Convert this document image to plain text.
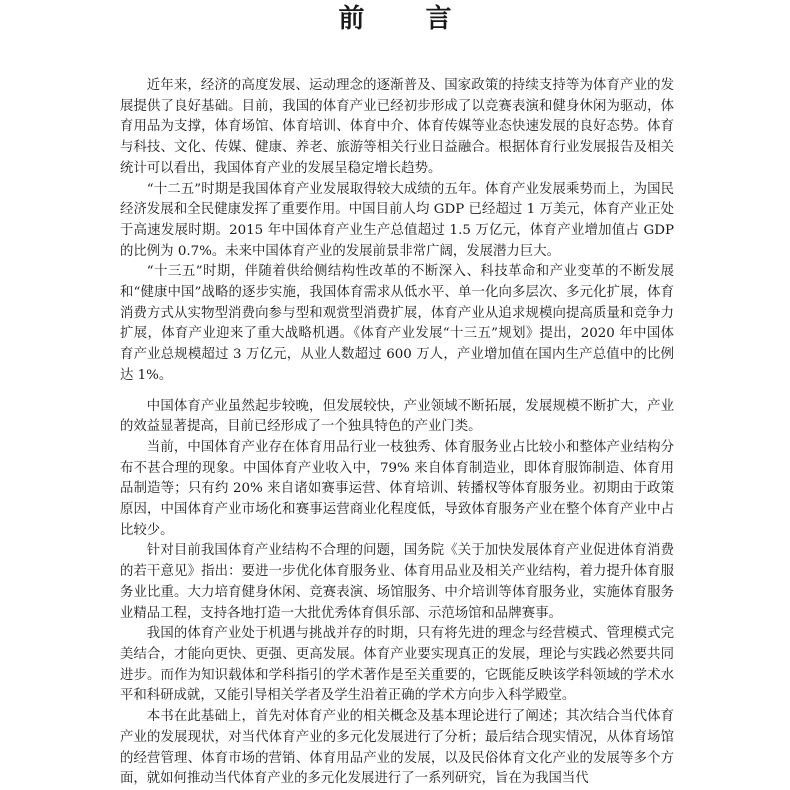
前 言

近年来，经济的高度发展、运动理念的逐渐普及、国家政策的持续支持等为体育产业的发展提供了良好基础。目前，我国的体育产业已经初步形成了以竞赛表演和健身休闲为驱动，体育用品为支撑，体育场馆、体育培训、体育中介、体育传媒等业态快速发展的良好态势。体育与科技、文化、传媒、健康、养老、旅游等相关行业日益融合。根据体育行业发展报告及相关统计可以看出，我国体育产业的发展呈稳定增长趋势。

“十二五”时期是我国体育产业发展取得较大成绩的五年。体育产业发展乘势而上，为国民经济发展和全民健康发挥了重要作用。中国目前人均 GDP 已经超过 1 万美元，体育产业正处于高速发展时期。2015 年中国体育产业生产总值超过 1.5 万亿元，体育产业增加值占 GDP 的比例为 0.7%。未来中国体育产业的发展前景非常广阔，发展潜力巨大。

“十三五”时期，伴随着供给侧结构性改革的不断深入、科技革命和产业变革的不断发展和“健康中国”战略的逐步实施，我国体育需求从低水平、单一化向多层次、多元化扩展，体育消费方式从实物型消费向参与型和观赏型消费扩展，体育产业从追求规模向提高质量和竞争力扩展，体育产业迎来了重大战略机遇。《体育产业发展“十三五”规划》提出，2020 年中国体育产业总规模超过 3 万亿元，从业人数超过 600 万人，产业增加值在国内生产总值中的比例达 1%。

中国体育产业虽然起步较晚，但发展较快，产业领域不断拓展，发展规模不断扩大，产业的效益显著提高，目前已经形成了一个独具特色的产业门类。

当前，中国体育产业存在体育用品行业一枝独秀、体育服务业占比较小和整体产业结构分布不甚合理的现象。中国体育产业收入中，79% 来自体育制造业，即体育服饰制造、体育用品制造等；只有约 20% 来自诸如赛事运营、体育培训、转播权等体育服务业。初期由于政策原因，中国体育产业市场化和赛事运营商业化程度低，导致体育服务产业在整个体育产业中占比较少。

针对目前我国体育产业结构不合理的问题，国务院《关于加快发展体育产业促进体育消费的若干意见》指出：要进一步优化体育服务业、体育用品业及相关产业结构，着力提升体育服务业比重。大力培育健身休闲、竞赛表演、场馆服务、中介培训等体育服务业，实施体育服务业精品工程，支持各地打造一大批优秀体育俱乐部、示范场馆和品牌赛事。

我国的体育产业处于机遇与挑战并存的时期，只有将先进的理念与经营模式、管理模式完美结合，才能向更快、更强、更高发展。体育产业要实现真正的发展，理论与实践必然要共同进步。而作为知识载体和学科指引的学术著作是至关重要的，它既能反映该学科领域的学术水平和科研成就，又能引导相关学者及学生沿着正确的学术方向步入科学殿堂。

本书在此基础上，首先对体育产业的相关概念及基本理论进行了阐述；其次结合当代体育产业的发展现状，对当代体育产业的多元化发展进行了分析；最后结合现实情况，从体育场馆的经营管理、体育市场的营销、体育用品产业的发展，以及民俗体育文化产业的发展等多个方面，就如何推动当代体育产业的多元化发展进行了一系列研究，旨在为我国当代
